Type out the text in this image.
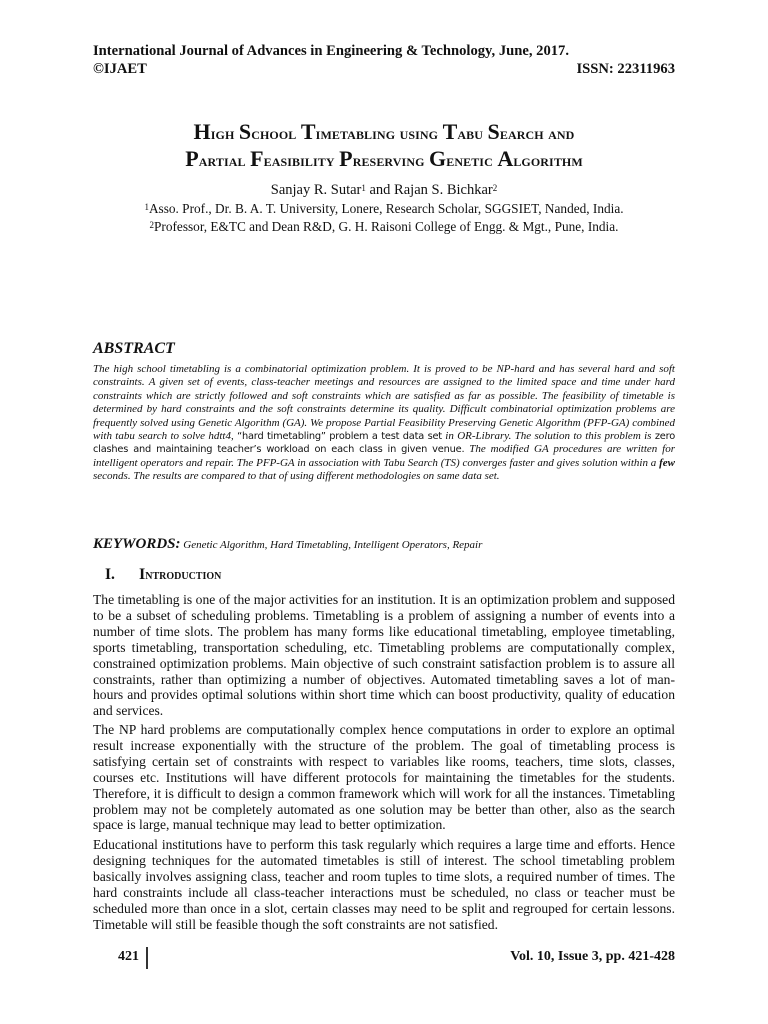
International Journal of Advances in Engineering & Technology, June, 2017.
©IJAET	ISSN: 22311963
High School Timetabling using Tabu Search and
Partial Feasibility Preserving Genetic Algorithm
Sanjay R. Sutar$^1$ and Rajan S. Bichkar$^2$
$^1$Asso. Prof., Dr. B. A. T. University, Lonere, Research Scholar, SGGSIET, Nanded, India.
$^2$Professor, E&TC and Dean R&D, G. H. Raisoni College of Engg. & Mgt., Pune, India.
ABSTRACT
The high school timetabling is a combinatorial optimization problem. It is proved to be NP-hard and has several hard and soft constraints. A given set of events, class-teacher meetings and resources are assigned to the limited space and time under hard constraints which are strictly followed and soft constraints which are satisfied as far as possible. The feasibility of timetable is determined by hard constraints and the soft constraints determine its quality. Difficult combinatorial optimization problems are frequently solved using Genetic Algorithm (GA). We propose Partial Feasibility Preserving Genetic Algorithm (PFP-GA) combined with tabu search to solve hdtt4, “hard timetabling” problem a test data set in OR-Library. The solution to this problem is zero clashes and maintaining teacher’s workload on each class in given venue. The modified GA procedures are written for intelligent operators and repair. The PFP-GA in association with Tabu Search (TS) converges faster and gives solution within a few seconds. The results are compared to that of using different methodologies on same data set.
KEYWORDS: Genetic Algorithm, Hard Timetabling, Intelligent Operators, Repair
I. Introduction
The timetabling is one of the major activities for an institution. It is an optimization problem and supposed to be a subset of scheduling problems. Timetabling is a problem of assigning a number of events into a number of time slots. The problem has many forms like educational timetabling, employee timetabling, sports timetabling, transportation scheduling, etc. Timetabling problems are computationally complex, constrained optimization problems. Main objective of such constraint satisfaction problem is to assure all constraints, rather than optimizing a number of objectives. Automated timetabling saves a lot of man-hours and provides optimal solutions within short time which can boost productivity, quality of education and services.
The NP hard problems are computationally complex hence computations in order to explore an optimal result increase exponentially with the structure of the problem. The goal of timetabling process is satisfying certain set of constraints with respect to variables like rooms, teachers, time slots, classes, courses etc. Institutions will have different protocols for maintaining the timetables for the students. Therefore, it is difficult to design a common framework which will work for all the instances. Timetabling problem may not be completely automated as one solution may be better than other, also as the search space is large, manual technique may lead to better optimization.
Educational institutions have to perform this task regularly which requires a large time and efforts. Hence designing techniques for the automated timetables is still of interest. The school timetabling problem basically involves assigning class, teacher and room tuples to time slots, a required number of times. The hard constraints include all class-teacher interactions must be scheduled, no class or teacher must be scheduled more than once in a slot, certain classes may need to be split and regrouped for certain lessons. Timetable will still be feasible though the soft constraints are not satisfied.
421	Vol. 10, Issue 3, pp. 421-428
